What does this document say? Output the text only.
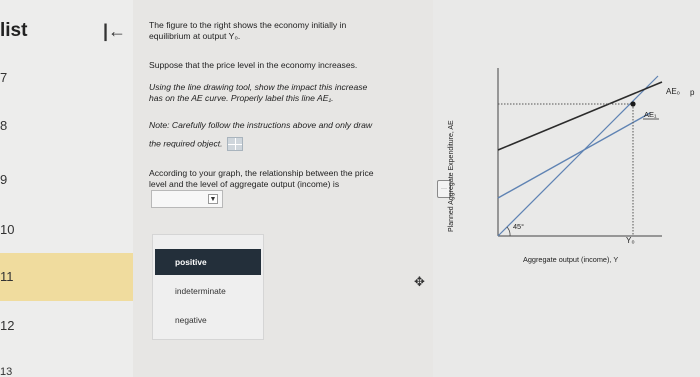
list	|←
7
8
9
10
11
12
13
The figure to the right shows the economy initially in
equilibrium at output Y₀.
Suppose that the price level in the economy increases.
Using the line drawing tool, show the impact this increase
has on the AE curve. Properly label this line AE₁.
Note: Carefully follow the instructions above and only draw
the required object.
According to your graph, the relationship between the price
level and the level of aggregate output (income) is
▼
positive
indeterminate
negative
···
✥
Planned Aggregate Expenditure, AE	45°
Y₀
Aggregate output (income), Y
AE₀
AE₁
p
